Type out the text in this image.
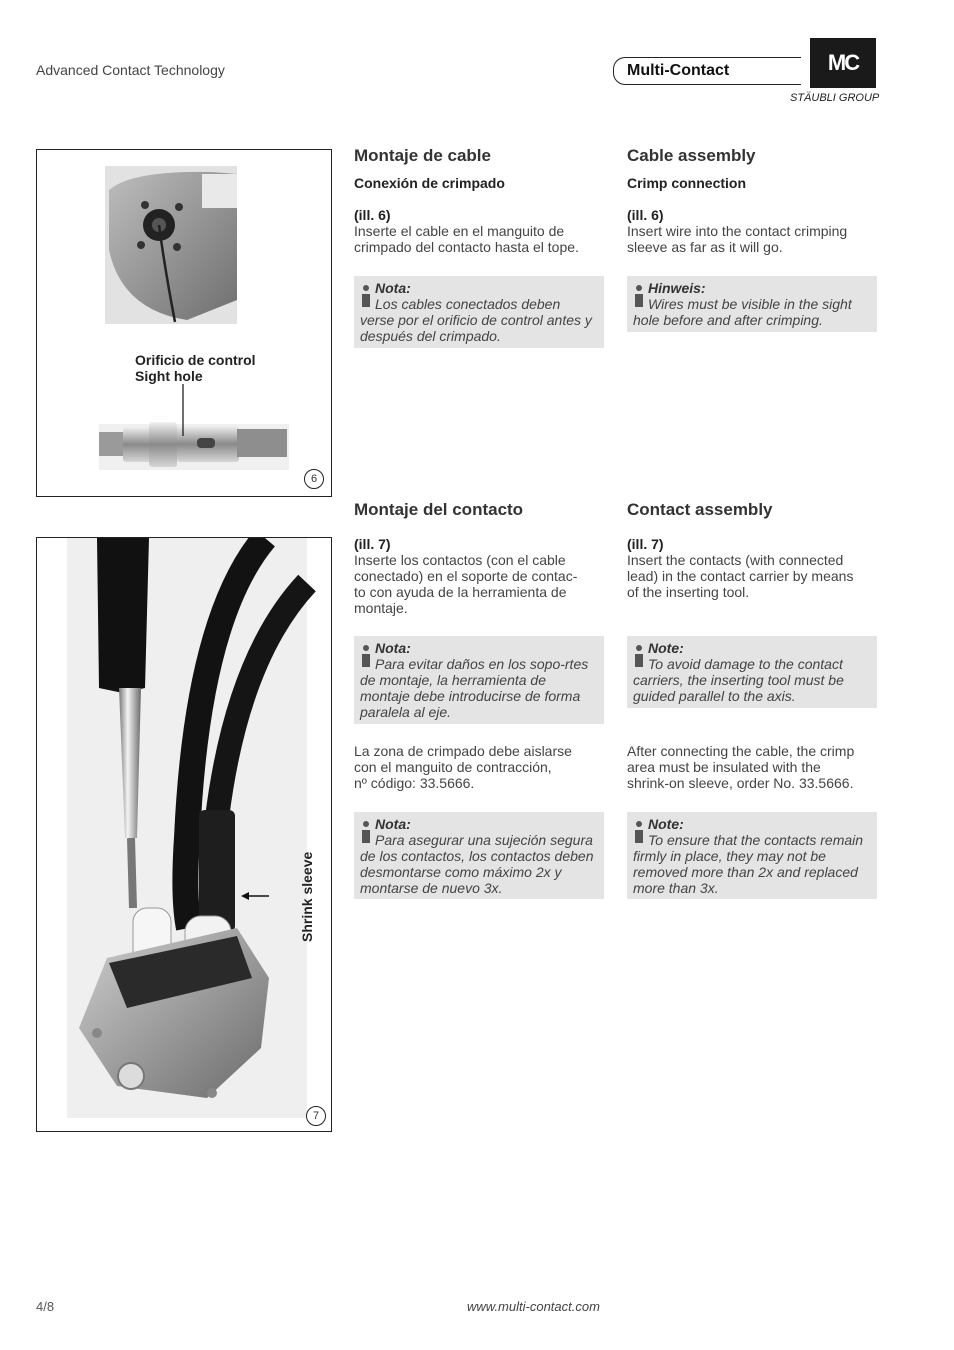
Advanced Contact Technology	Multi-Contact	MC
STÄUBLI GROUP
Orificio de control
Sight hole
6
Shrink sleeve
7
Montaje de cable
Conexión de crimpado
(ill. 6)
Inserte el cable en el manguito de
crimpado del contacto hasta el tope.
Nota:
Los cables conectados deben verse por el orificio de control antes y después del crimpado.
Cable assembly
Crimp connection
(ill. 6)
Insert wire into the contact crimping
sleeve as far as it will go.
Hinweis:
Wires must be visible in the sight hole before and after crimping.
Montaje del contacto
(ill. 7)
Inserte los contactos (con el cable
conectado) en el soporte de contac-
to con ayuda de la herramienta de
montaje.
Nota:
Para evitar daños en los sopo-rtes de montaje, la herramienta de montaje debe introducirse de forma paralela al eje.
La zona de crimpado debe aislarse
con el manguito de contracción,
nº código: 33.5666.
Nota:
Para asegurar una sujeción segura de los contactos, los contactos deben desmontarse como máximo 2x y montarse de nuevo 3x.
Contact assembly
(ill. 7)
Insert the contacts (with connected
lead) in the contact carrier by means
of the inserting tool.
Note:
To avoid damage to the contact carriers, the inserting tool must be guided parallel to the axis.
After connecting the cable, the crimp
area must be insulated with the
shrink-on sleeve, order No. 33.5666.
Note:
To ensure that the contacts remain firmly in place, they may not be removed more than 2x and replaced more than 3x.
4/8	www.multi-contact.com
